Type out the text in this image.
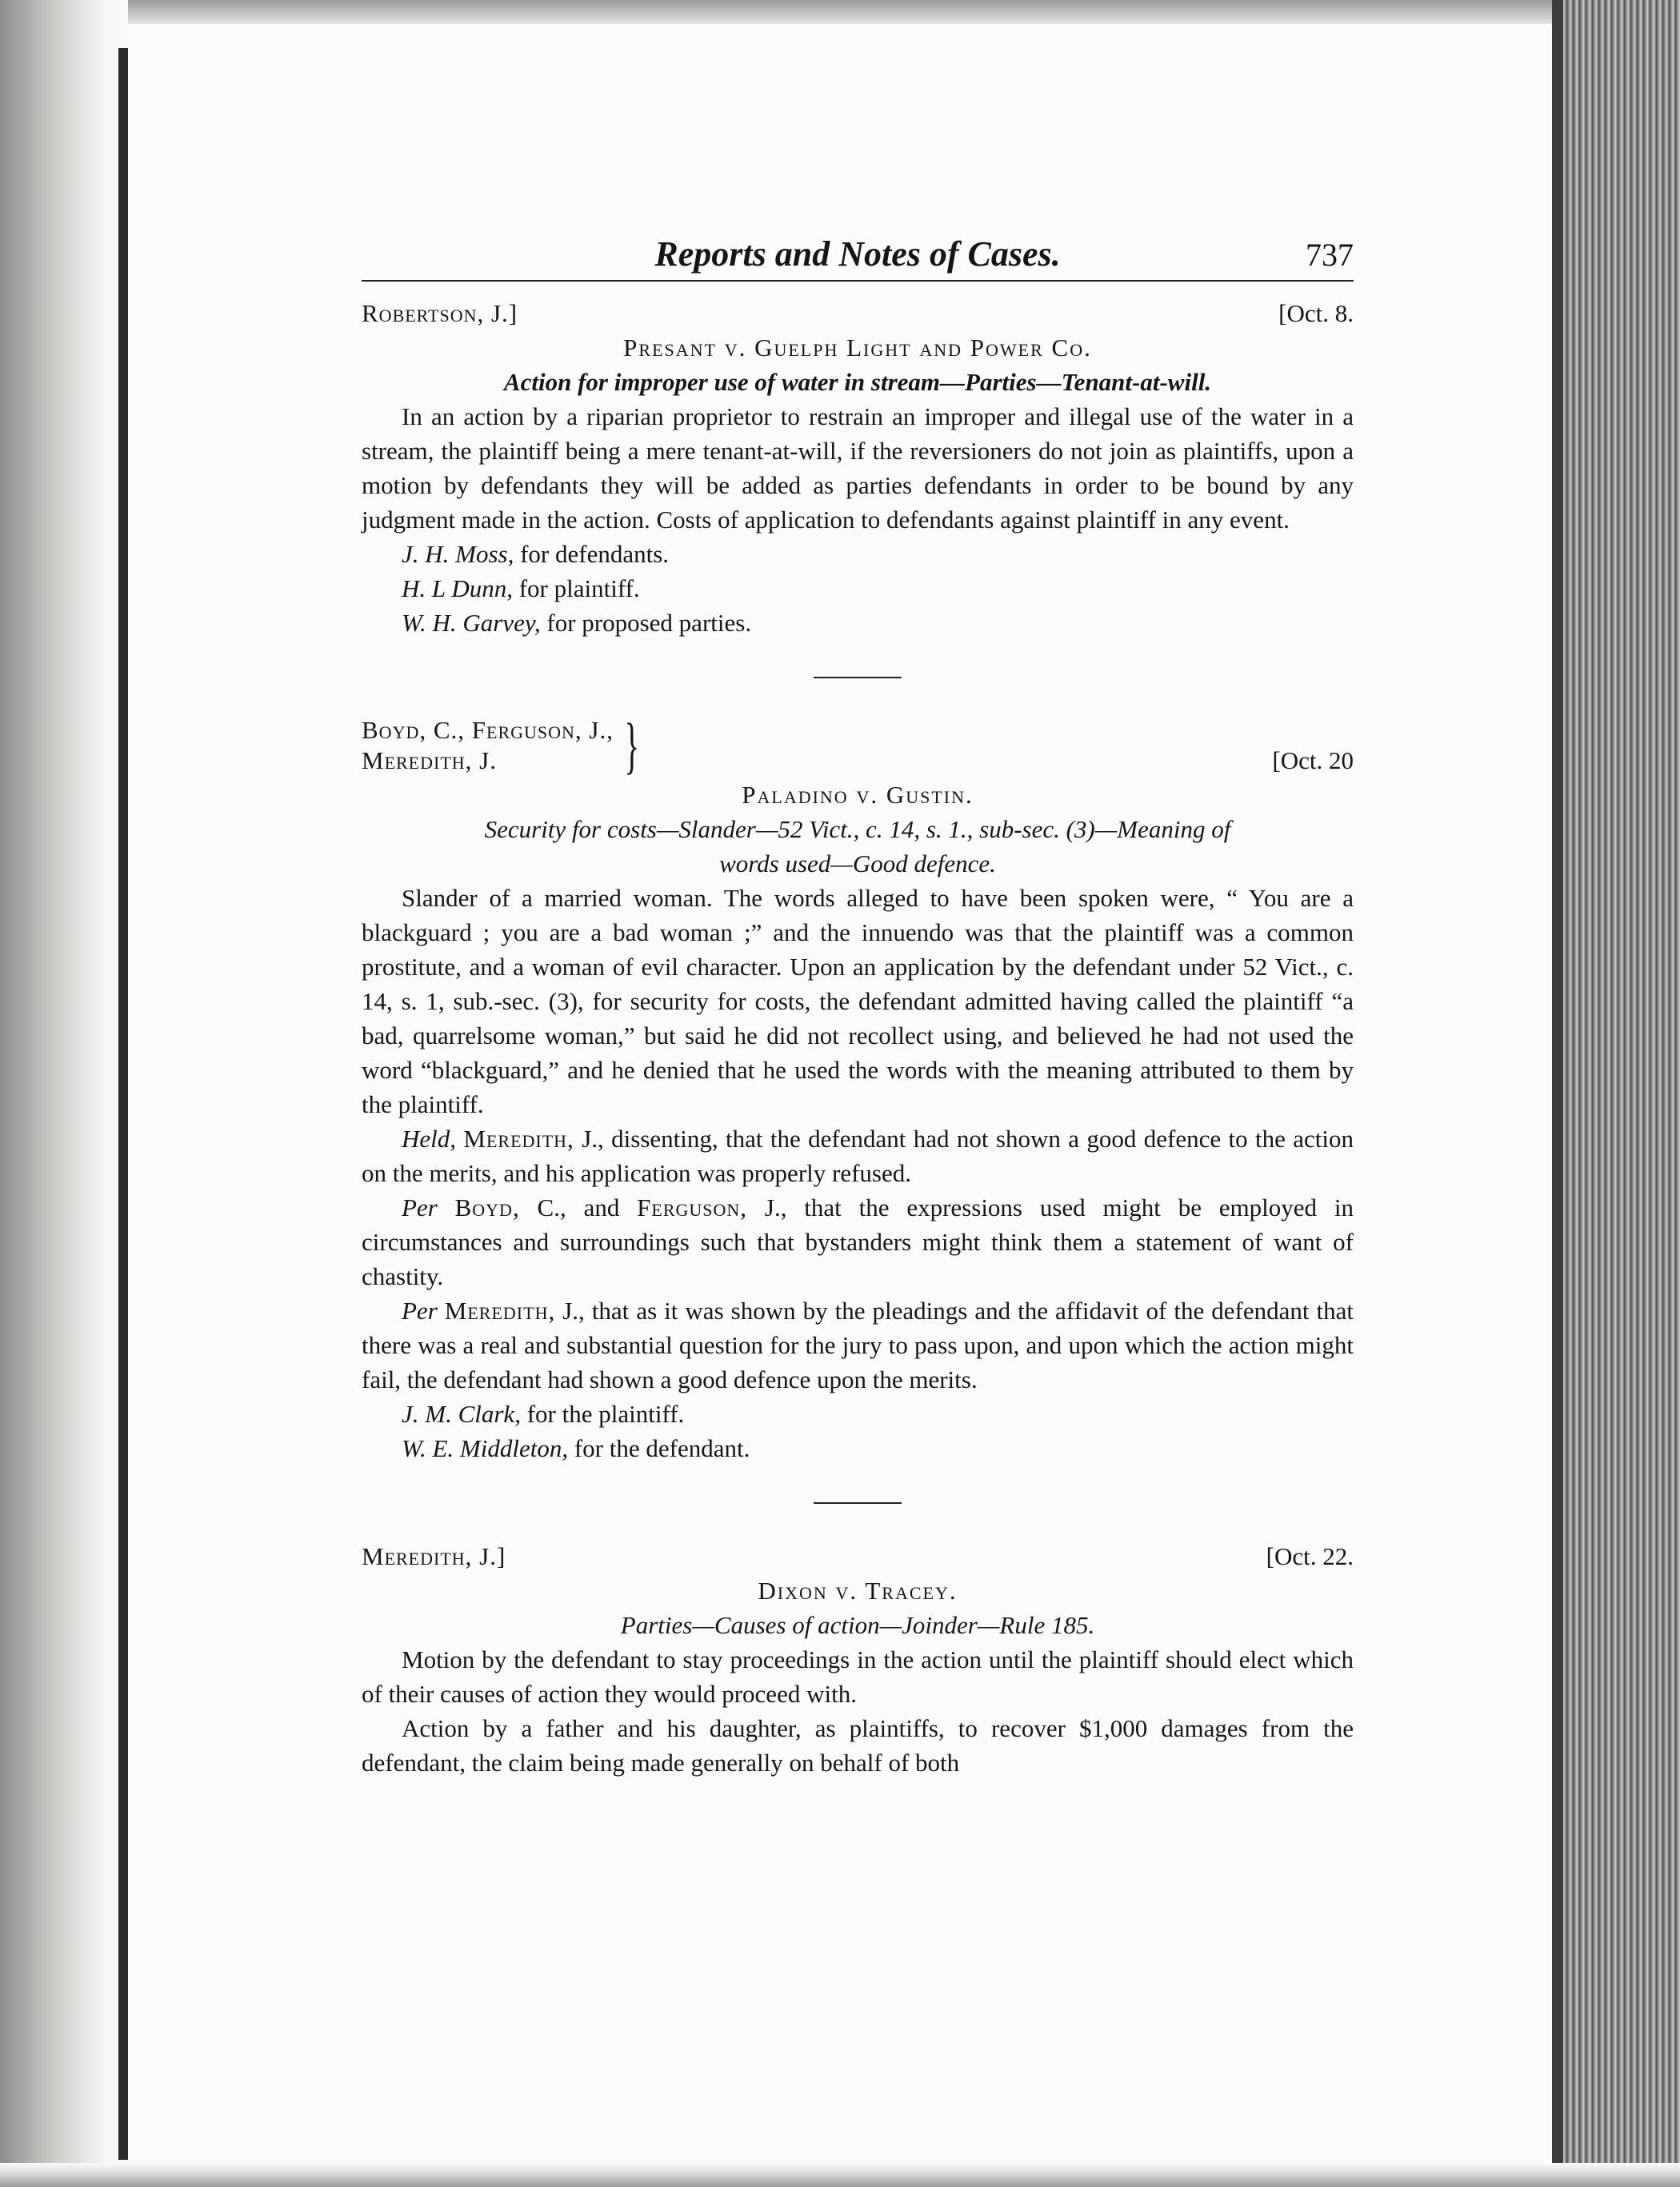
Reports and Notes of Cases.	737
Robertson, J.]	[Oct. 8.
Presant v. Guelph Light and Power Co.
Action for improper use of water in stream—Parties—Tenant-at-will.

In an action by a riparian proprietor to restrain an improper and illegal use of the water in a stream, the plaintiff being a mere tenant-at-will, if the reversioners do not join as plaintiffs, upon a motion by defendants they will be added as parties defendants in order to be bound by any judgment made in the action. Costs of application to defendants against plaintiff in any event.

J. H. Moss, for defendants.

H. L Dunn, for plaintiff.

W. H. Garvey, for proposed parties.

Boyd, C., Ferguson, J.,
Meredith, J.	}	[Oct. 20
Paladino v. Gustin.
Security for costs—Slander—52 Vict., c. 14, s. 1., sub-sec. (3)—Meaning of
words used—Good defence.

Slander of a married woman. The words alleged to have been spoken were, “ You are a blackguard ; you are a bad woman ;” and the innuendo was that the plaintiff was a common prostitute, and a woman of evil character. Upon an application by the defendant under 52 Vict., c. 14, s. 1, sub.-sec. (3), for security for costs, the defendant admitted having called the plaintiff “a bad, quarrelsome woman,” but said he did not recollect using, and believed he had not used the word “blackguard,” and he denied that he used the words with the meaning attributed to them by the plaintiff.

Held, Meredith, J., dissenting, that the defendant had not shown a good defence to the action on the merits, and his application was properly refused.

Per Boyd, C., and Ferguson, J., that the expressions used might be employed in circumstances and surroundings such that bystanders might think them a statement of want of chastity.

Per Meredith, J., that as it was shown by the pleadings and the affidavit of the defendant that there was a real and substantial question for the jury to pass upon, and upon which the action might fail, the defendant had shown a good defence upon the merits.

J. M. Clark, for the plaintiff.

W. E. Middleton, for the defendant.

Meredith, J.]	[Oct. 22.
Dixon v. Tracey.
Parties—Causes of action—Joinder—Rule 185.

Motion by the defendant to stay proceedings in the action until the plaintiff should elect which of their causes of action they would proceed with.

Action by a father and his daughter, as plaintiffs, to recover $1,000 damages from the defendant, the claim being made generally on behalf of both
